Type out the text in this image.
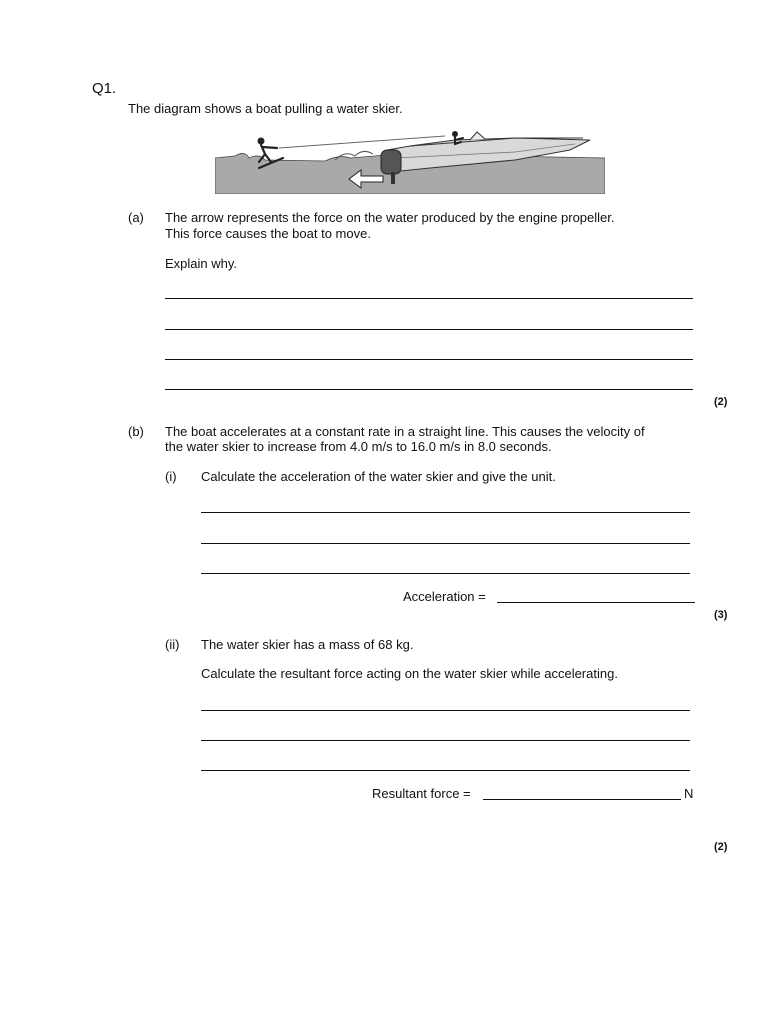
Q1.
The diagram shows a boat pulling a water skier.
(a) The arrow represents the force on the water produced by the engine propeller.
This force causes the boat to move.
Explain why.
(2)
(b) The boat accelerates at a constant rate in a straight line. This causes the velocity of
the water skier to increase from 4.0 m/s to 16.0 m/s in 8.0 seconds.
(i) Calculate the acceleration of the water skier and give the unit.
Acceleration =
(3)
(ii) The water skier has a mass of 68 kg.
Calculate the resultant force acting on the water skier while accelerating.
Resultant force =	N
(2)
